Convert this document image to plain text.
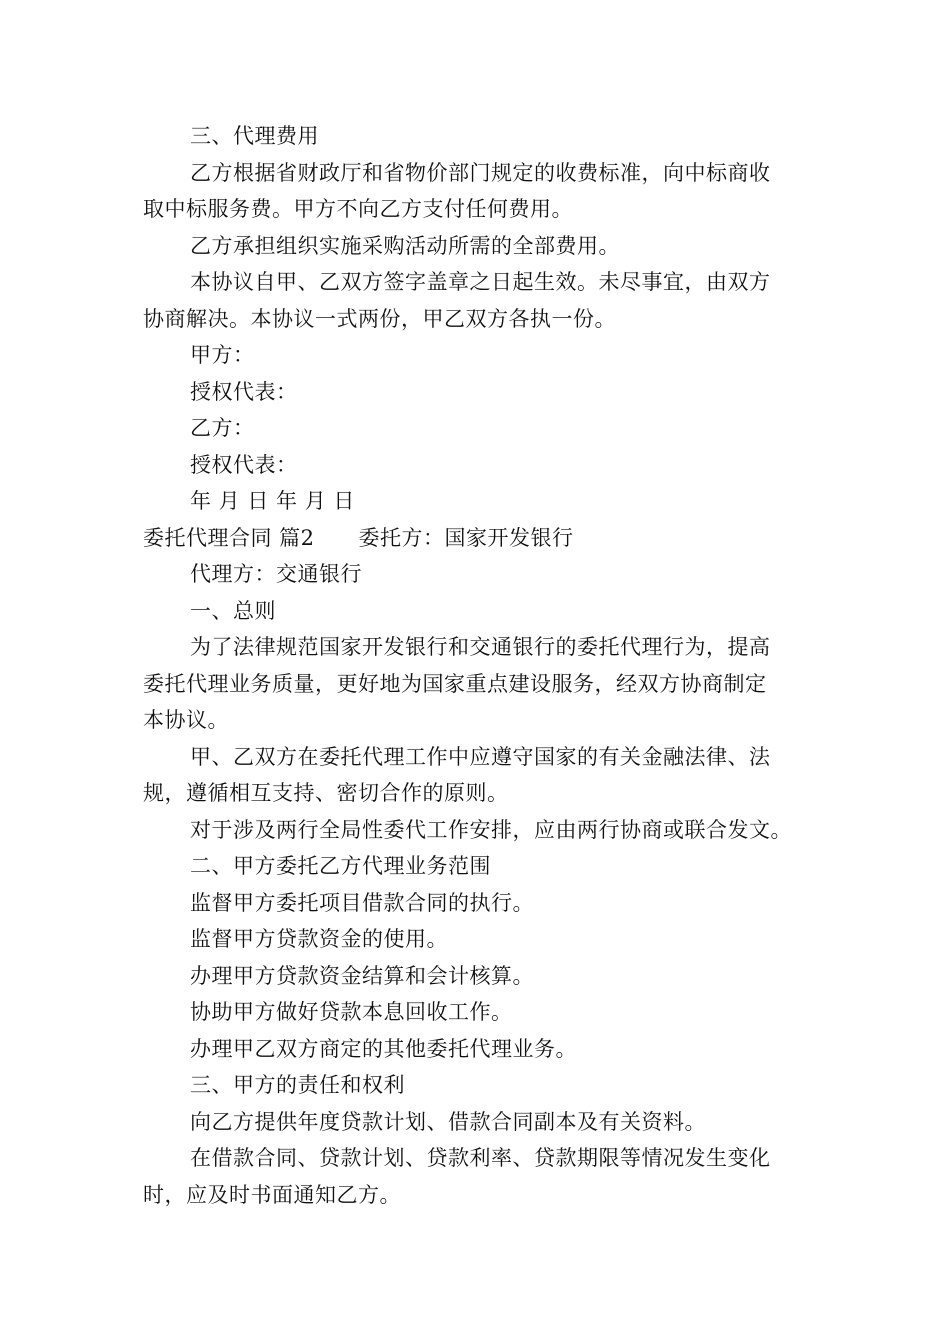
三、代理费用
乙方根据省财政厅和省物价部门规定的收费标准，向中标商收
取中标服务费。甲方不向乙方支付任何费用。
乙方承担组织实施采购活动所需的全部费用。
本协议自甲、乙双方签字盖章之日起生效。未尽事宜，由双方
协商解决。本协议一式两份，甲乙双方各执一份。
甲方：
授权代表：
乙方：
授权代表：
年 月 日 年 月 日
委托代理合同 篇2 委托方：国家开发银行
代理方：交通银行
一、总则
为了法律规范国家开发银行和交通银行的委托代理行为，提高
委托代理业务质量，更好地为国家重点建设服务，经双方协商制定
本协议。
甲、乙双方在委托代理工作中应遵守国家的有关金融法律、法
规，遵循相互支持、密切合作的原则。
对于涉及两行全局性委代工作安排，应由两行协商或联合发文。
二、甲方委托乙方代理业务范围
监督甲方委托项目借款合同的执行。
监督甲方贷款资金的使用。
办理甲方贷款资金结算和会计核算。
协助甲方做好贷款本息回收工作。
办理甲乙双方商定的其他委托代理业务。
三、甲方的责任和权利
向乙方提供年度贷款计划、借款合同副本及有关资料。
在借款合同、贷款计划、贷款利率、贷款期限等情况发生变化
时，应及时书面通知乙方。
